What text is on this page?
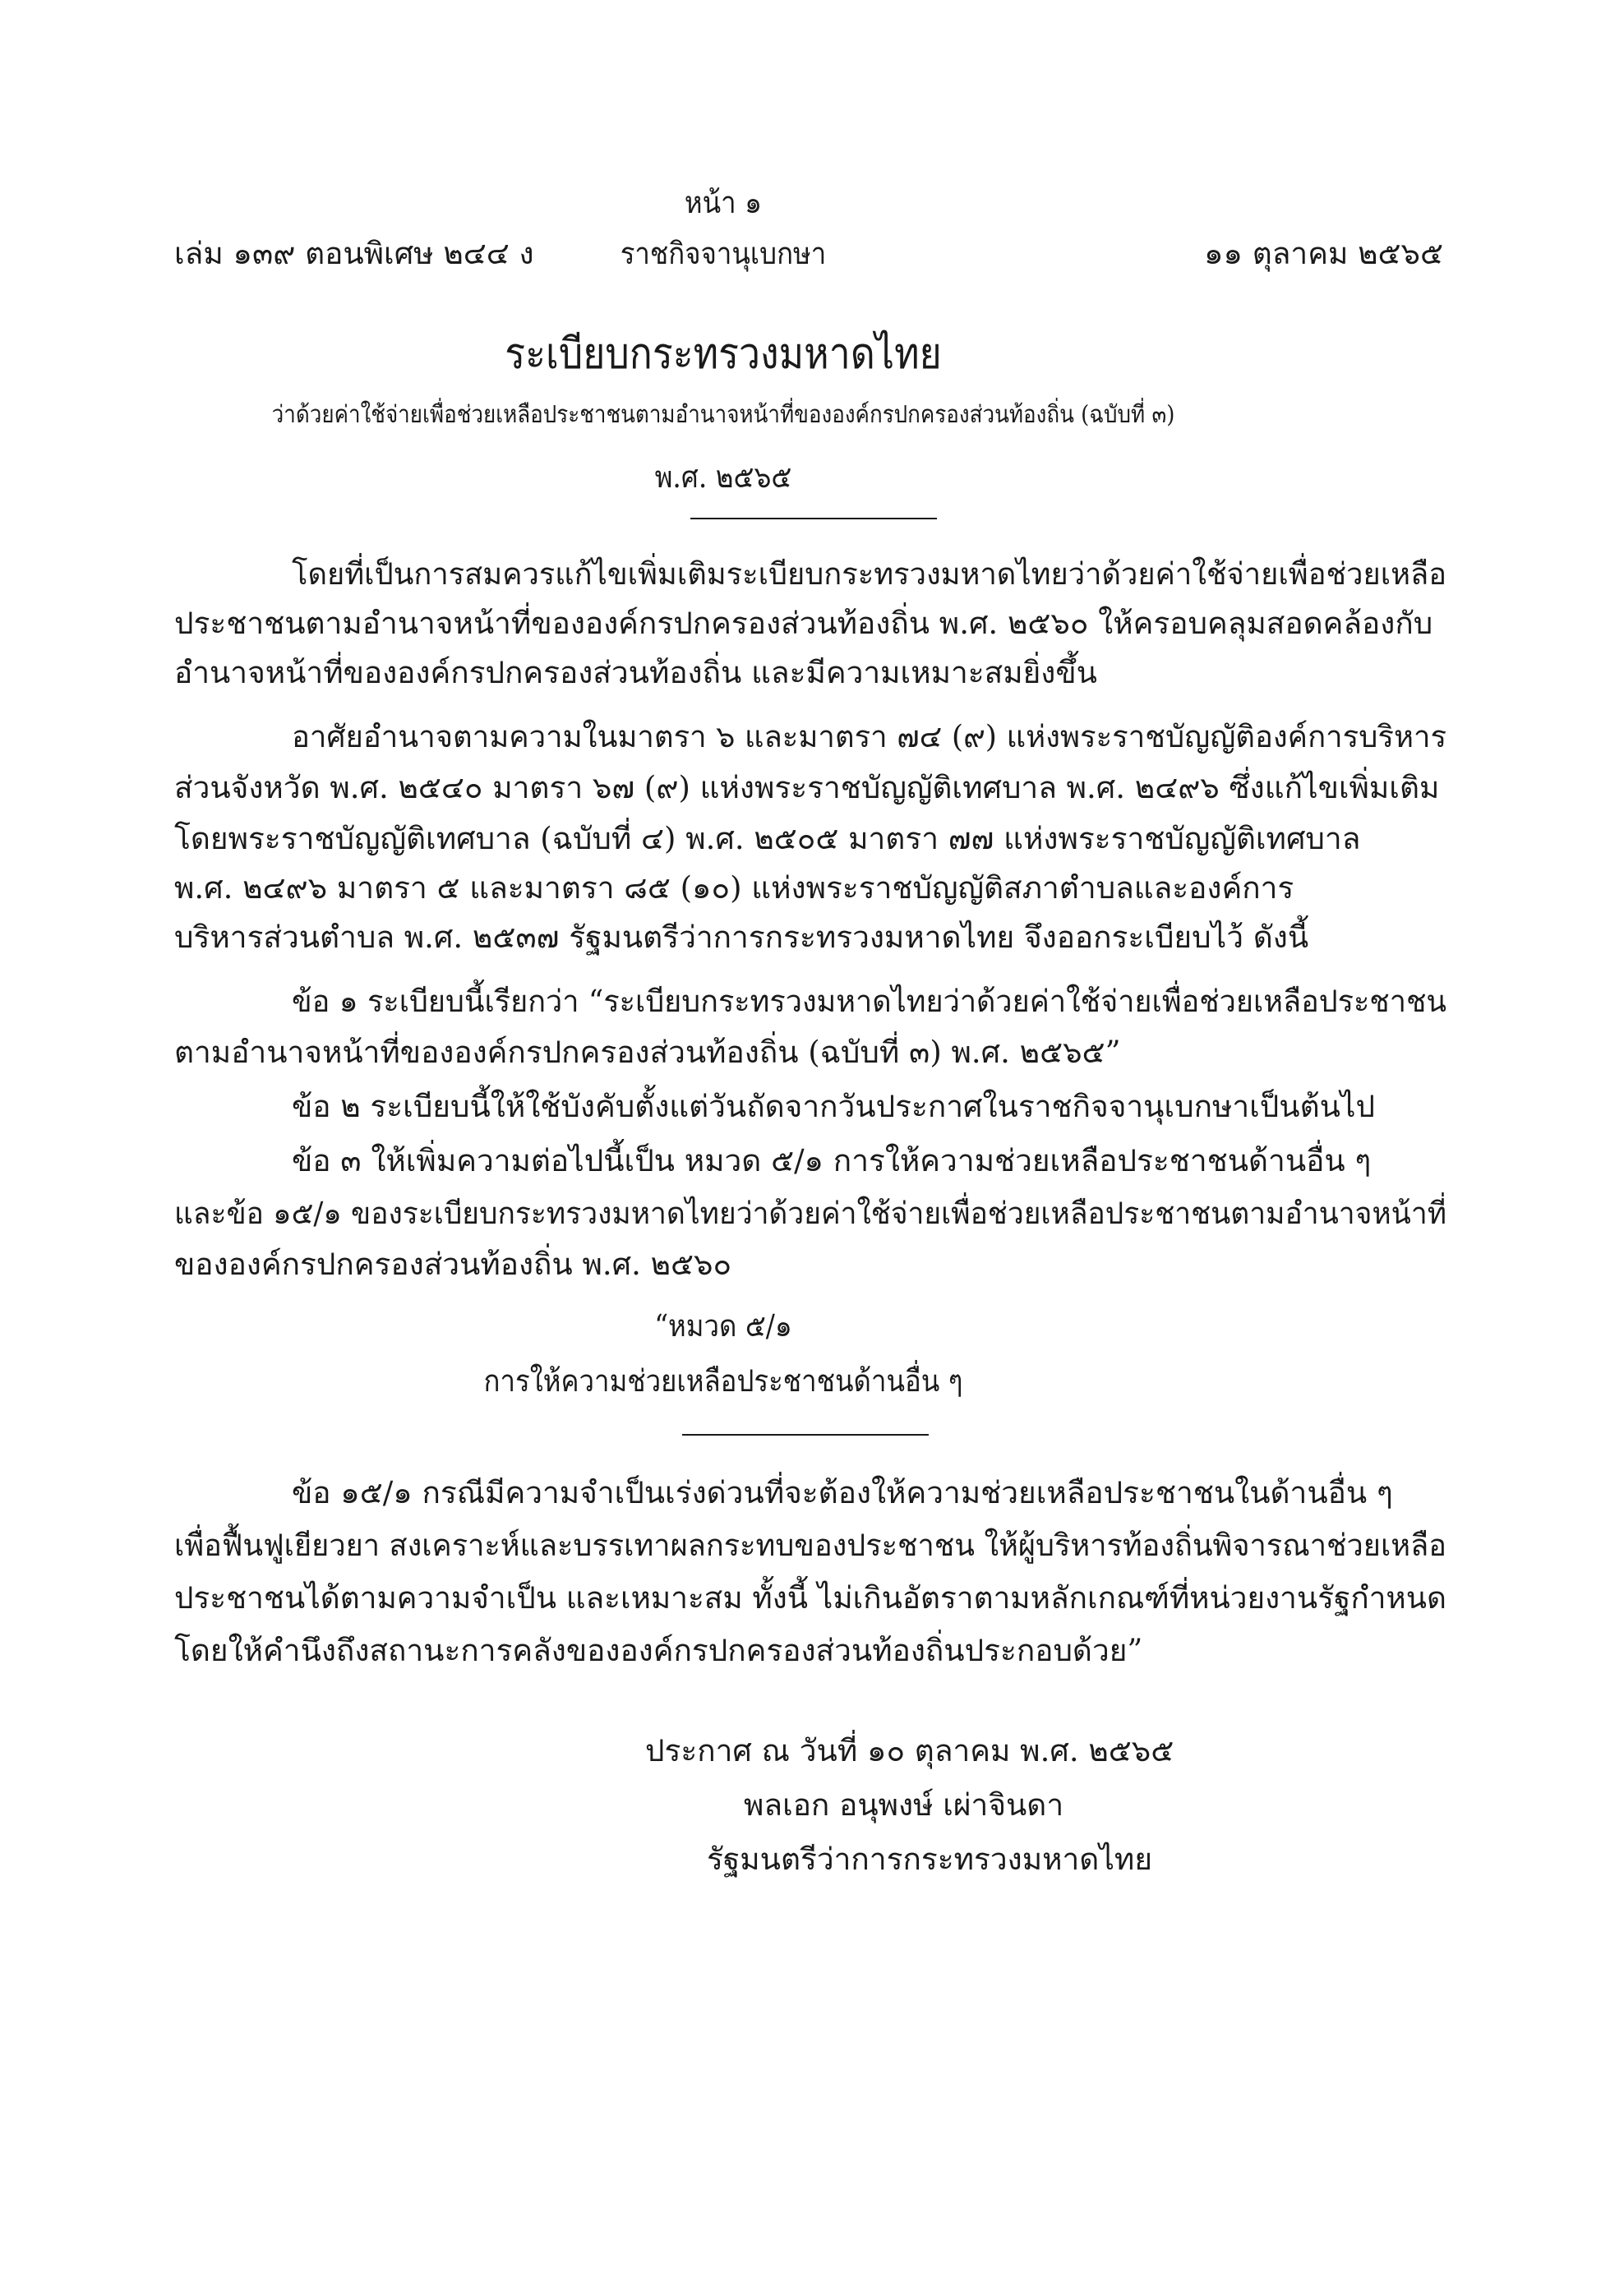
หน้า ๑
เล่ม ๑๓๙ ตอนพิเศษ ๒๔๔ ง	ราชกิจจานุเบกษา	๑๑ ตุลาคม ๒๕๖๕
ระเบียบกระทรวงมหาดไทย
ว่าด้วยค่าใช้จ่ายเพื่อช่วยเหลือประชาชนตามอำนาจหน้าที่ขององค์กรปกครองส่วนท้องถิ่น (ฉบับที่ ๓)
พ.ศ. ๒๕๖๕
โดยที่เป็นการสมควรแก้ไขเพิ่มเติมระเบียบกระทรวงมหาดไทยว่าด้วยค่าใช้จ่ายเพื่อช่วยเหลือ
ประชาชนตามอำนาจหน้าที่ขององค์กรปกครองส่วนท้องถิ่น พ.ศ. ๒๕๖๐ ให้ครอบคลุมสอดคล้องกับ
อำนาจหน้าที่ขององค์กรปกครองส่วนท้องถิ่น และมีความเหมาะสมยิ่งขึ้น
อาศัยอำนาจตามความในมาตรา ๖ และมาตรา ๗๔ (๙) แห่งพระราชบัญญัติองค์การบริหาร
ส่วนจังหวัด พ.ศ. ๒๕๔๐ มาตรา ๖๗ (๙) แห่งพระราชบัญญัติเทศบาล พ.ศ. ๒๔๙๖ ซึ่งแก้ไขเพิ่มเติม
โดยพระราชบัญญัติเทศบาล (ฉบับที่ ๔) พ.ศ. ๒๕๐๕ มาตรา ๗๗ แห่งพระราชบัญญัติเทศบาล
พ.ศ. ๒๔๙๖ มาตรา ๕ และมาตรา ๘๕ (๑๐) แห่งพระราชบัญญัติสภาตำบลและองค์การ
บริหารส่วนตำบล พ.ศ. ๒๕๓๗ รัฐมนตรีว่าการกระทรวงมหาดไทย จึงออกระเบียบไว้ ดังนี้
ข้อ ๑ ระเบียบนี้เรียกว่า “ระเบียบกระทรวงมหาดไทยว่าด้วยค่าใช้จ่ายเพื่อช่วยเหลือประชาชน
ตามอำนาจหน้าที่ขององค์กรปกครองส่วนท้องถิ่น (ฉบับที่ ๓) พ.ศ. ๒๕๖๕”
ข้อ ๒ ระเบียบนี้ให้ใช้บังคับตั้งแต่วันถัดจากวันประกาศในราชกิจจานุเบกษาเป็นต้นไป
ข้อ ๓ ให้เพิ่มความต่อไปนี้เป็น หมวด ๕/๑ การให้ความช่วยเหลือประชาชนด้านอื่น ๆ
และข้อ ๑๕/๑ ของระเบียบกระทรวงมหาดไทยว่าด้วยค่าใช้จ่ายเพื่อช่วยเหลือประชาชนตามอำนาจหน้าที่
ขององค์กรปกครองส่วนท้องถิ่น พ.ศ. ๒๕๖๐
“หมวด ๕/๑
การให้ความช่วยเหลือประชาชนด้านอื่น ๆ
ข้อ ๑๕/๑ กรณีมีความจำเป็นเร่งด่วนที่จะต้องให้ความช่วยเหลือประชาชนในด้านอื่น ๆ
เพื่อฟื้นฟูเยียวยา สงเคราะห์และบรรเทาผลกระทบของประชาชน ให้ผู้บริหารท้องถิ่นพิจารณาช่วยเหลือ
ประชาชนได้ตามความจำเป็น และเหมาะสม ทั้งนี้ ไม่เกินอัตราตามหลักเกณฑ์ที่หน่วยงานรัฐกำหนด
โดยให้คำนึงถึงสถานะการคลังขององค์กรปกครองส่วนท้องถิ่นประกอบด้วย”
ประกาศ ณ วันที่ ๑๐ ตุลาคม พ.ศ. ๒๕๖๕
พลเอก อนุพงษ์ เผ่าจินดา
รัฐมนตรีว่าการกระทรวงมหาดไทย
